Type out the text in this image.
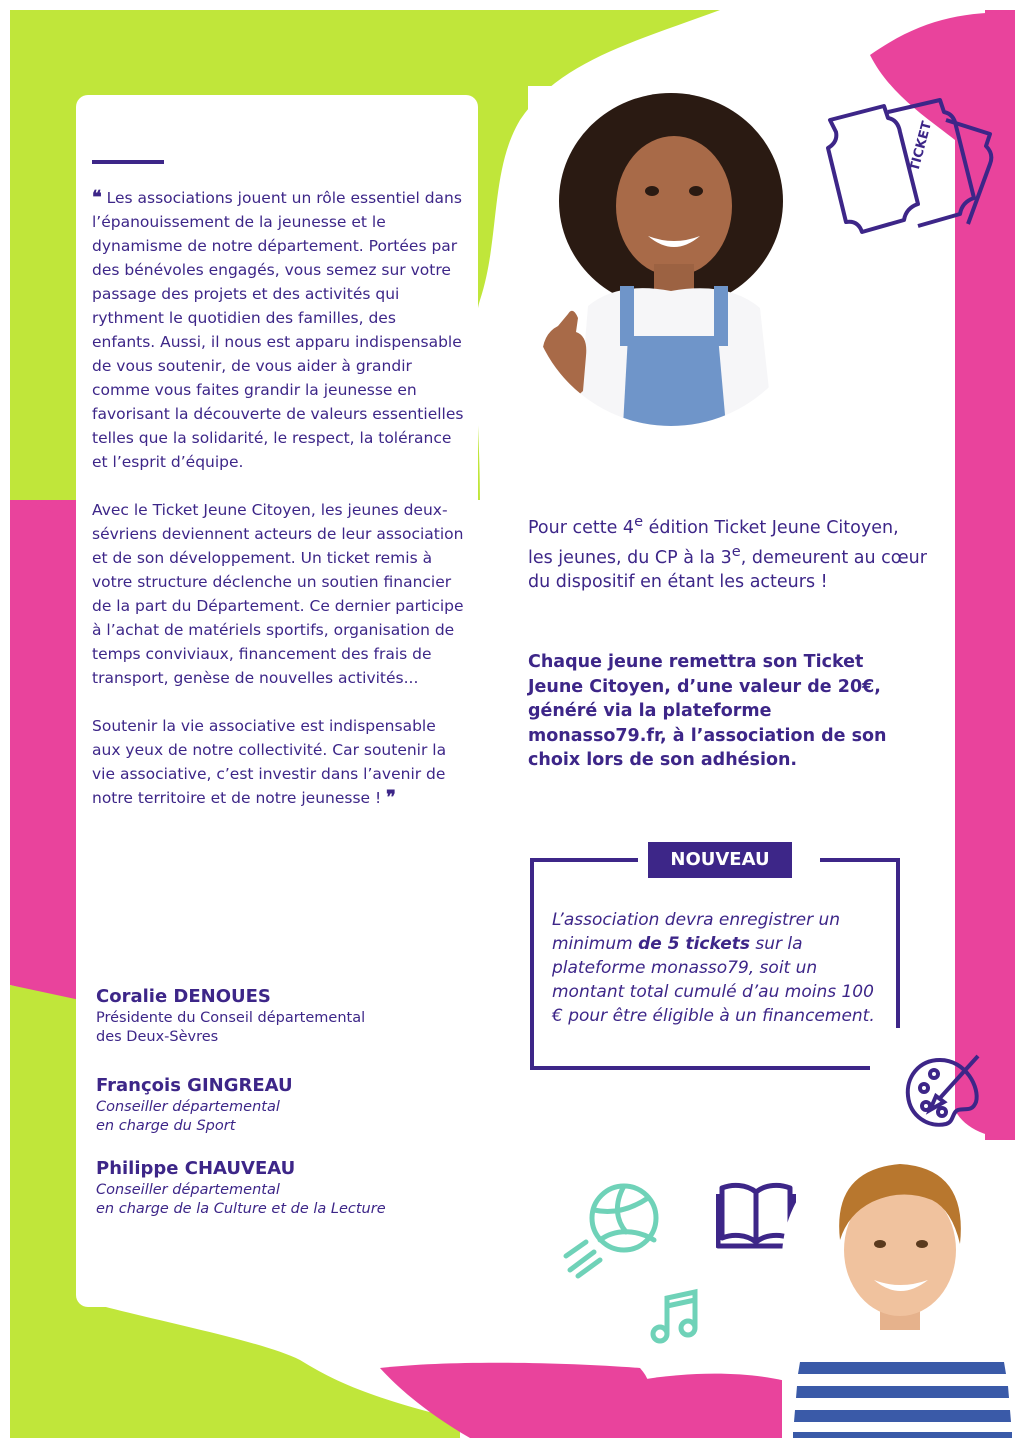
❝ Les associations jouent un rôle essentiel dans l’épanouissement de la jeunesse et le dynamisme de notre département. Portées par des bénévoles engagés, vous semez sur votre passage des projets et des activités qui rythment le quotidien des familles, des enfants. Aussi, il nous est apparu indispensable de vous soutenir, de vous aider à grandir comme vous faites grandir la jeunesse en favorisant la découverte de valeurs essentielles telles que la solidarité, le respect, la tolérance et l’esprit d’équipe.

Avec le Ticket Jeune Citoyen, les jeunes deux-sévriens deviennent acteurs de leur association et de son développement. Un ticket remis à votre structure déclenche un soutien financier de la part du Département. Ce dernier participe à l’achat de matériels sportifs, organisation de temps conviviaux, financement des frais de transport, genèse de nouvelles activités...

Soutenir la vie associative est indispensable aux yeux de notre collectivité. Car soutenir la vie associative, c’est investir dans l’avenir de notre territoire et de notre jeunesse ! ❞

Coralie DENOUES
Présidente du Conseil départemental
des Deux-Sèvres
François GINGREAU
Conseiller départemental
en charge du Sport
Philippe CHAUVEAU
Conseiller départemental
en charge de la Culture et de la Lecture
TICKET

Pour cette 4e édition Ticket Jeune Citoyen, les jeunes, du CP à la 3e, demeurent au cœur du dispositif en étant les acteurs !

Chaque jeune remettra son Ticket Jeune Citoyen, d’une valeur de 20€, généré via la plateforme monasso79.fr, à l’association de son choix lors de son adhésion.

NOUVEAU

L’association devra enregistrer un minimum de 5 tickets sur la plateforme monasso79, soit un montant total cumulé d’au moins 100 € pour être éligible à un financement.
